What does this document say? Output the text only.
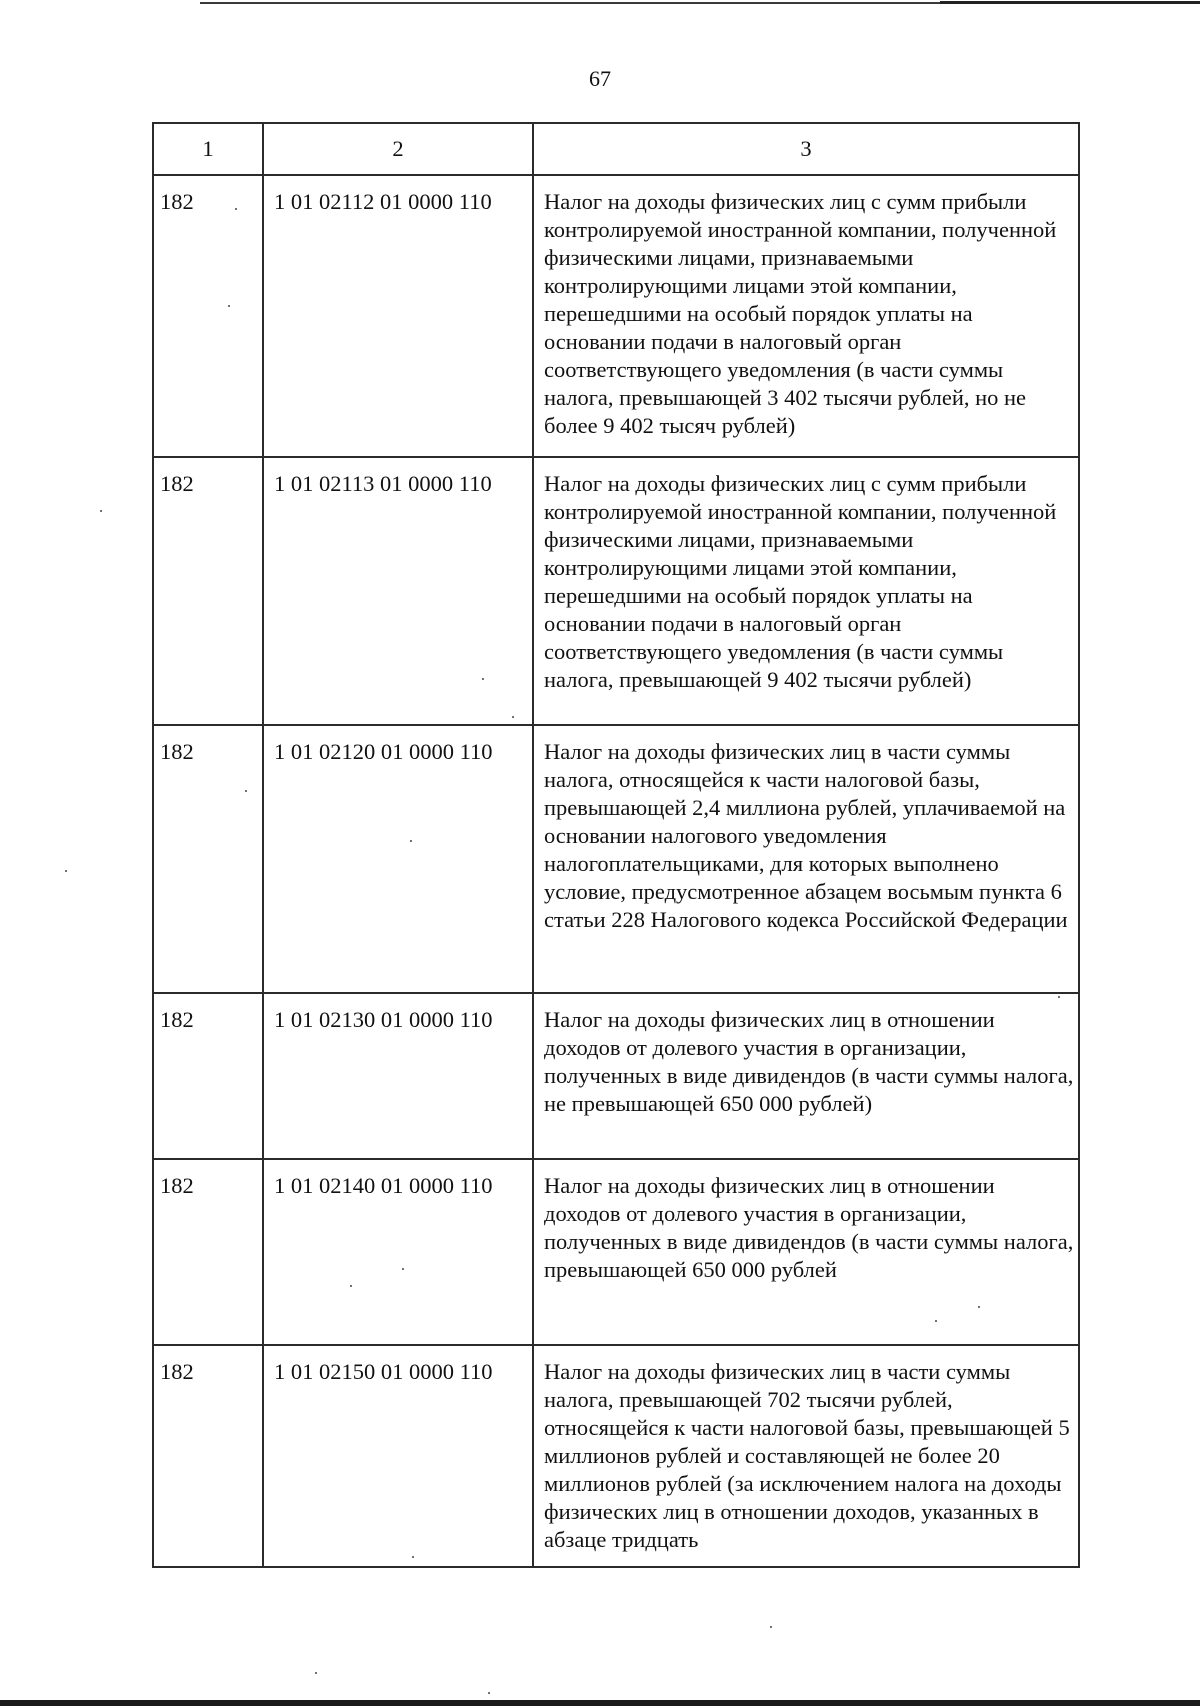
67
1	2	3

182	1 01 02112 01 0000 110	Налог на доходы физических лиц с сумм прибыли контролируемой иностранной компании, полученной физическими лицами, признаваемыми контролирующими лицами этой компании, перешедшими на особый порядок уплаты на основании подачи в налоговый орган соответствующего уведомления (в части суммы налога, превышающей 3 402 тысячи рублей, но не более 9 402 тысяч рублей)

182	1 01 02113 01 0000 110	Налог на доходы физических лиц с сумм прибыли контролируемой иностранной компании, полученной физическими лицами, признаваемыми контролирующими лицами этой компании, перешедшими на особый порядок уплаты на основании подачи в налоговый орган соответствующего уведомления (в части суммы налога, превышающей 9 402 тысячи рублей)

182	1 01 02120 01 0000 110	Налог на доходы физических лиц в части суммы налога, относящейся к части налоговой базы, превышающей 2,4 миллиона рублей, уплачиваемой на основании налогового уведомления налогоплательщиками, для которых выполнено условие, предусмотренное абзацем восьмым пункта 6 статьи 228 Налогового кодекса Российской Федерации

182	1 01 02130 01 0000 110	Налог на доходы физических лиц в отношении доходов от долевого участия в организации, полученных в виде дивидендов (в части суммы налога, не превышающей 650 000 рублей)

182	1 01 02140 01 0000 110	Налог на доходы физических лиц в отношении доходов от долевого участия в организации, полученных в виде дивидендов (в части суммы налога, превышающей 650 000 рублей

182	1 01 02150 01 0000 110	Налог на доходы физических лиц в части суммы налога, превышающей 702 тысячи рублей, относящейся к части налоговой базы, превышающей 5 миллионов рублей и составляющей не более 20 миллионов рублей (за исключением налога на доходы физических лиц в отношении доходов, указанных в абзаце тридцать
